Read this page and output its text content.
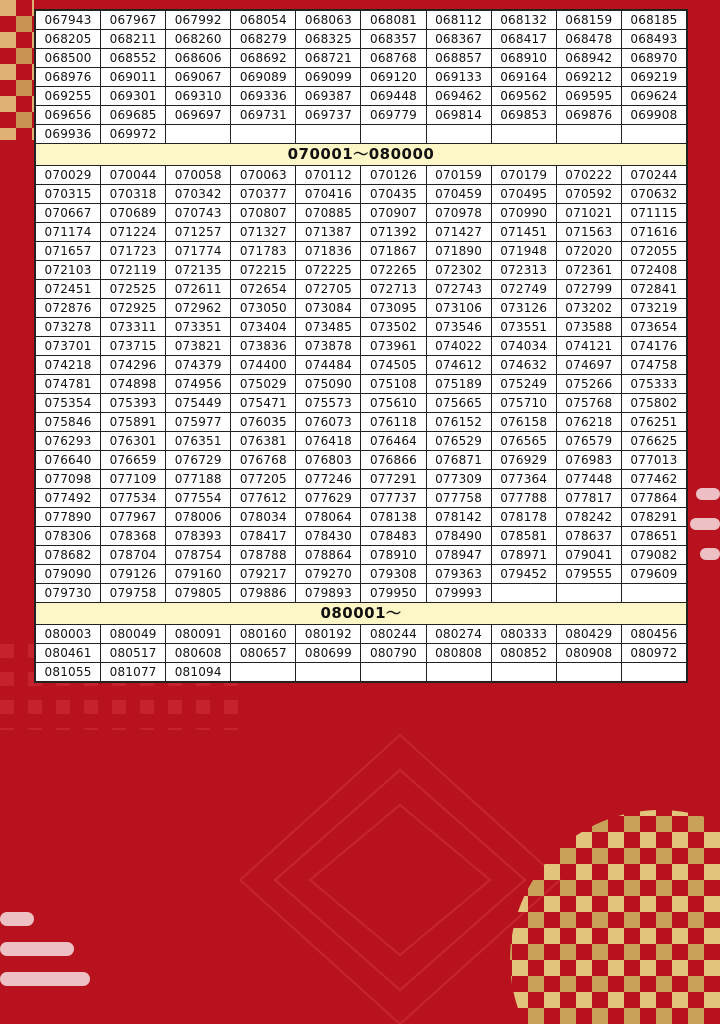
067943	067967	067992	068054	068063	068081	068112	068132	068159	068185
068205	068211	068260	068279	068325	068357	068367	068417	068478	068493
068500	068552	068606	068692	068721	068768	068857	068910	068942	068970
068976	069011	069067	069089	069099	069120	069133	069164	069212	069219
069255	069301	069310	069336	069387	069448	069462	069562	069595	069624
069656	069685	069697	069731	069737	069779	069814	069853	069876	069908
069936	069972								
070001～080000									
070029	070044	070058	070063	070112	070126	070159	070179	070222	070244
070315	070318	070342	070377	070416	070435	070459	070495	070592	070632
070667	070689	070743	070807	070885	070907	070978	070990	071021	071115
071174	071224	071257	071327	071387	071392	071427	071451	071563	071616
071657	071723	071774	071783	071836	071867	071890	071948	072020	072055
072103	072119	072135	072215	072225	072265	072302	072313	072361	072408
072451	072525	072611	072654	072705	072713	072743	072749	072799	072841
072876	072925	072962	073050	073084	073095	073106	073126	073202	073219
073278	073311	073351	073404	073485	073502	073546	073551	073588	073654
073701	073715	073821	073836	073878	073961	074022	074034	074121	074176
074218	074296	074379	074400	074484	074505	074612	074632	074697	074758
074781	074898	074956	075029	075090	075108	075189	075249	075266	075333
075354	075393	075449	075471	075573	075610	075665	075710	075768	075802
075846	075891	075977	076035	076073	076118	076152	076158	076218	076251
076293	076301	076351	076381	076418	076464	076529	076565	076579	076625
076640	076659	076729	076768	076803	076866	076871	076929	076983	077013
077098	077109	077188	077205	077246	077291	077309	077364	077448	077462
077492	077534	077554	077612	077629	077737	077758	077788	077817	077864
077890	077967	078006	078034	078064	078138	078142	078178	078242	078291
078306	078368	078393	078417	078430	078483	078490	078581	078637	078651
078682	078704	078754	078788	078864	078910	078947	078971	079041	079082
079090	079126	079160	079217	079270	079308	079363	079452	079555	079609
079730	079758	079805	079886	079893	079950	079993			
080001～									
080003	080049	080091	080160	080192	080244	080274	080333	080429	080456
080461	080517	080608	080657	080699	080790	080808	080852	080908	080972
081055	081077	081094							
